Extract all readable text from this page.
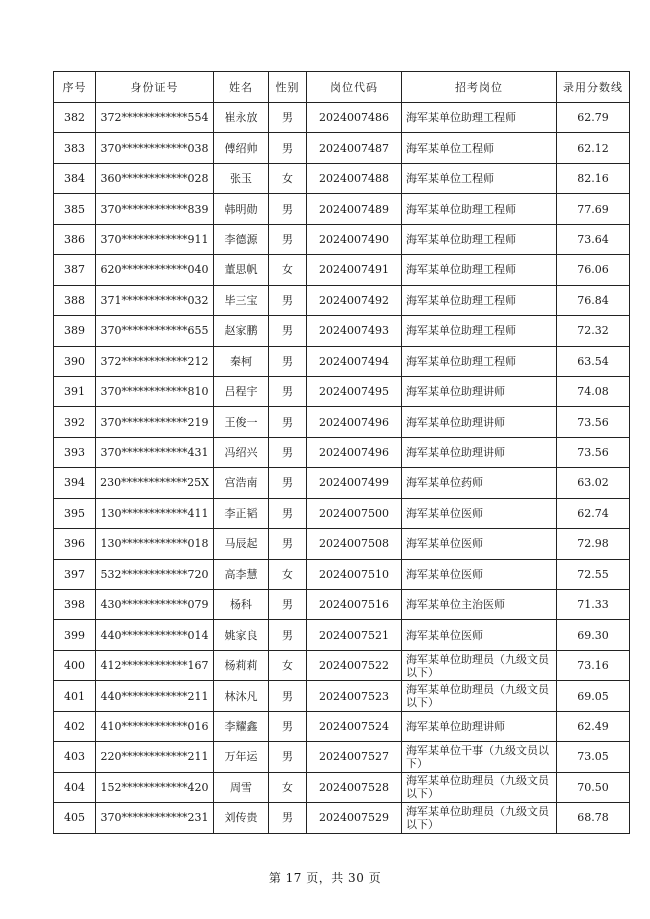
序号	身份证号	姓名	性别	岗位代码	招考岗位	录用分数线
382	372************554	崔永放	男	2024007486	海军某单位助理工程师	62.79
383	370************038	傅绍帅	男	2024007487	海军某单位工程师	62.12
384	360************028	张玉	女	2024007488	海军某单位工程师	82.16
385	370************839	韩明勋	男	2024007489	海军某单位助理工程师	77.69
386	370************911	李德源	男	2024007490	海军某单位助理工程师	73.64
387	620************040	董思帆	女	2024007491	海军某单位助理工程师	76.06
388	371************032	毕三宝	男	2024007492	海军某单位助理工程师	76.84
389	370************655	赵家鹏	男	2024007493	海军某单位助理工程师	72.32
390	372************212	秦柯	男	2024007494	海军某单位助理工程师	63.54
391	370************810	吕程宇	男	2024007495	海军某单位助理讲师	74.08
392	370************219	王俊一	男	2024007496	海军某单位助理讲师	73.56
393	370************431	冯绍兴	男	2024007496	海军某单位助理讲师	73.56
394	230************25X	宫浩南	男	2024007499	海军某单位药师	63.02
395	130************411	李正韬	男	2024007500	海军某单位医师	62.74
396	130************018	马辰起	男	2024007508	海军某单位医师	72.98
397	532************720	高李慧	女	2024007510	海军某单位医师	72.55
398	430************079	杨科	男	2024007516	海军某单位主治医师	71.33
399	440************014	姚家良	男	2024007521	海军某单位医师	69.30
400	412************167	杨莉莉	女	2024007522	海军某单位助理员（九级文员以下）	73.16
401	440************211	林沐凡	男	2024007523	海军某单位助理员（九级文员以下）	69.05
402	410************016	李耀鑫	男	2024007524	海军某单位助理讲师	62.49
403	220************211	万年运	男	2024007527	海军某单位干事（九级文员以下）	73.05
404	152************420	周雪	女	2024007528	海军某单位助理员（九级文员以下）	70.50
405	370************231	刘传贵	男	2024007529	海军某单位助理员（九级文员以下）	68.78
第 17 页，共 30 页
